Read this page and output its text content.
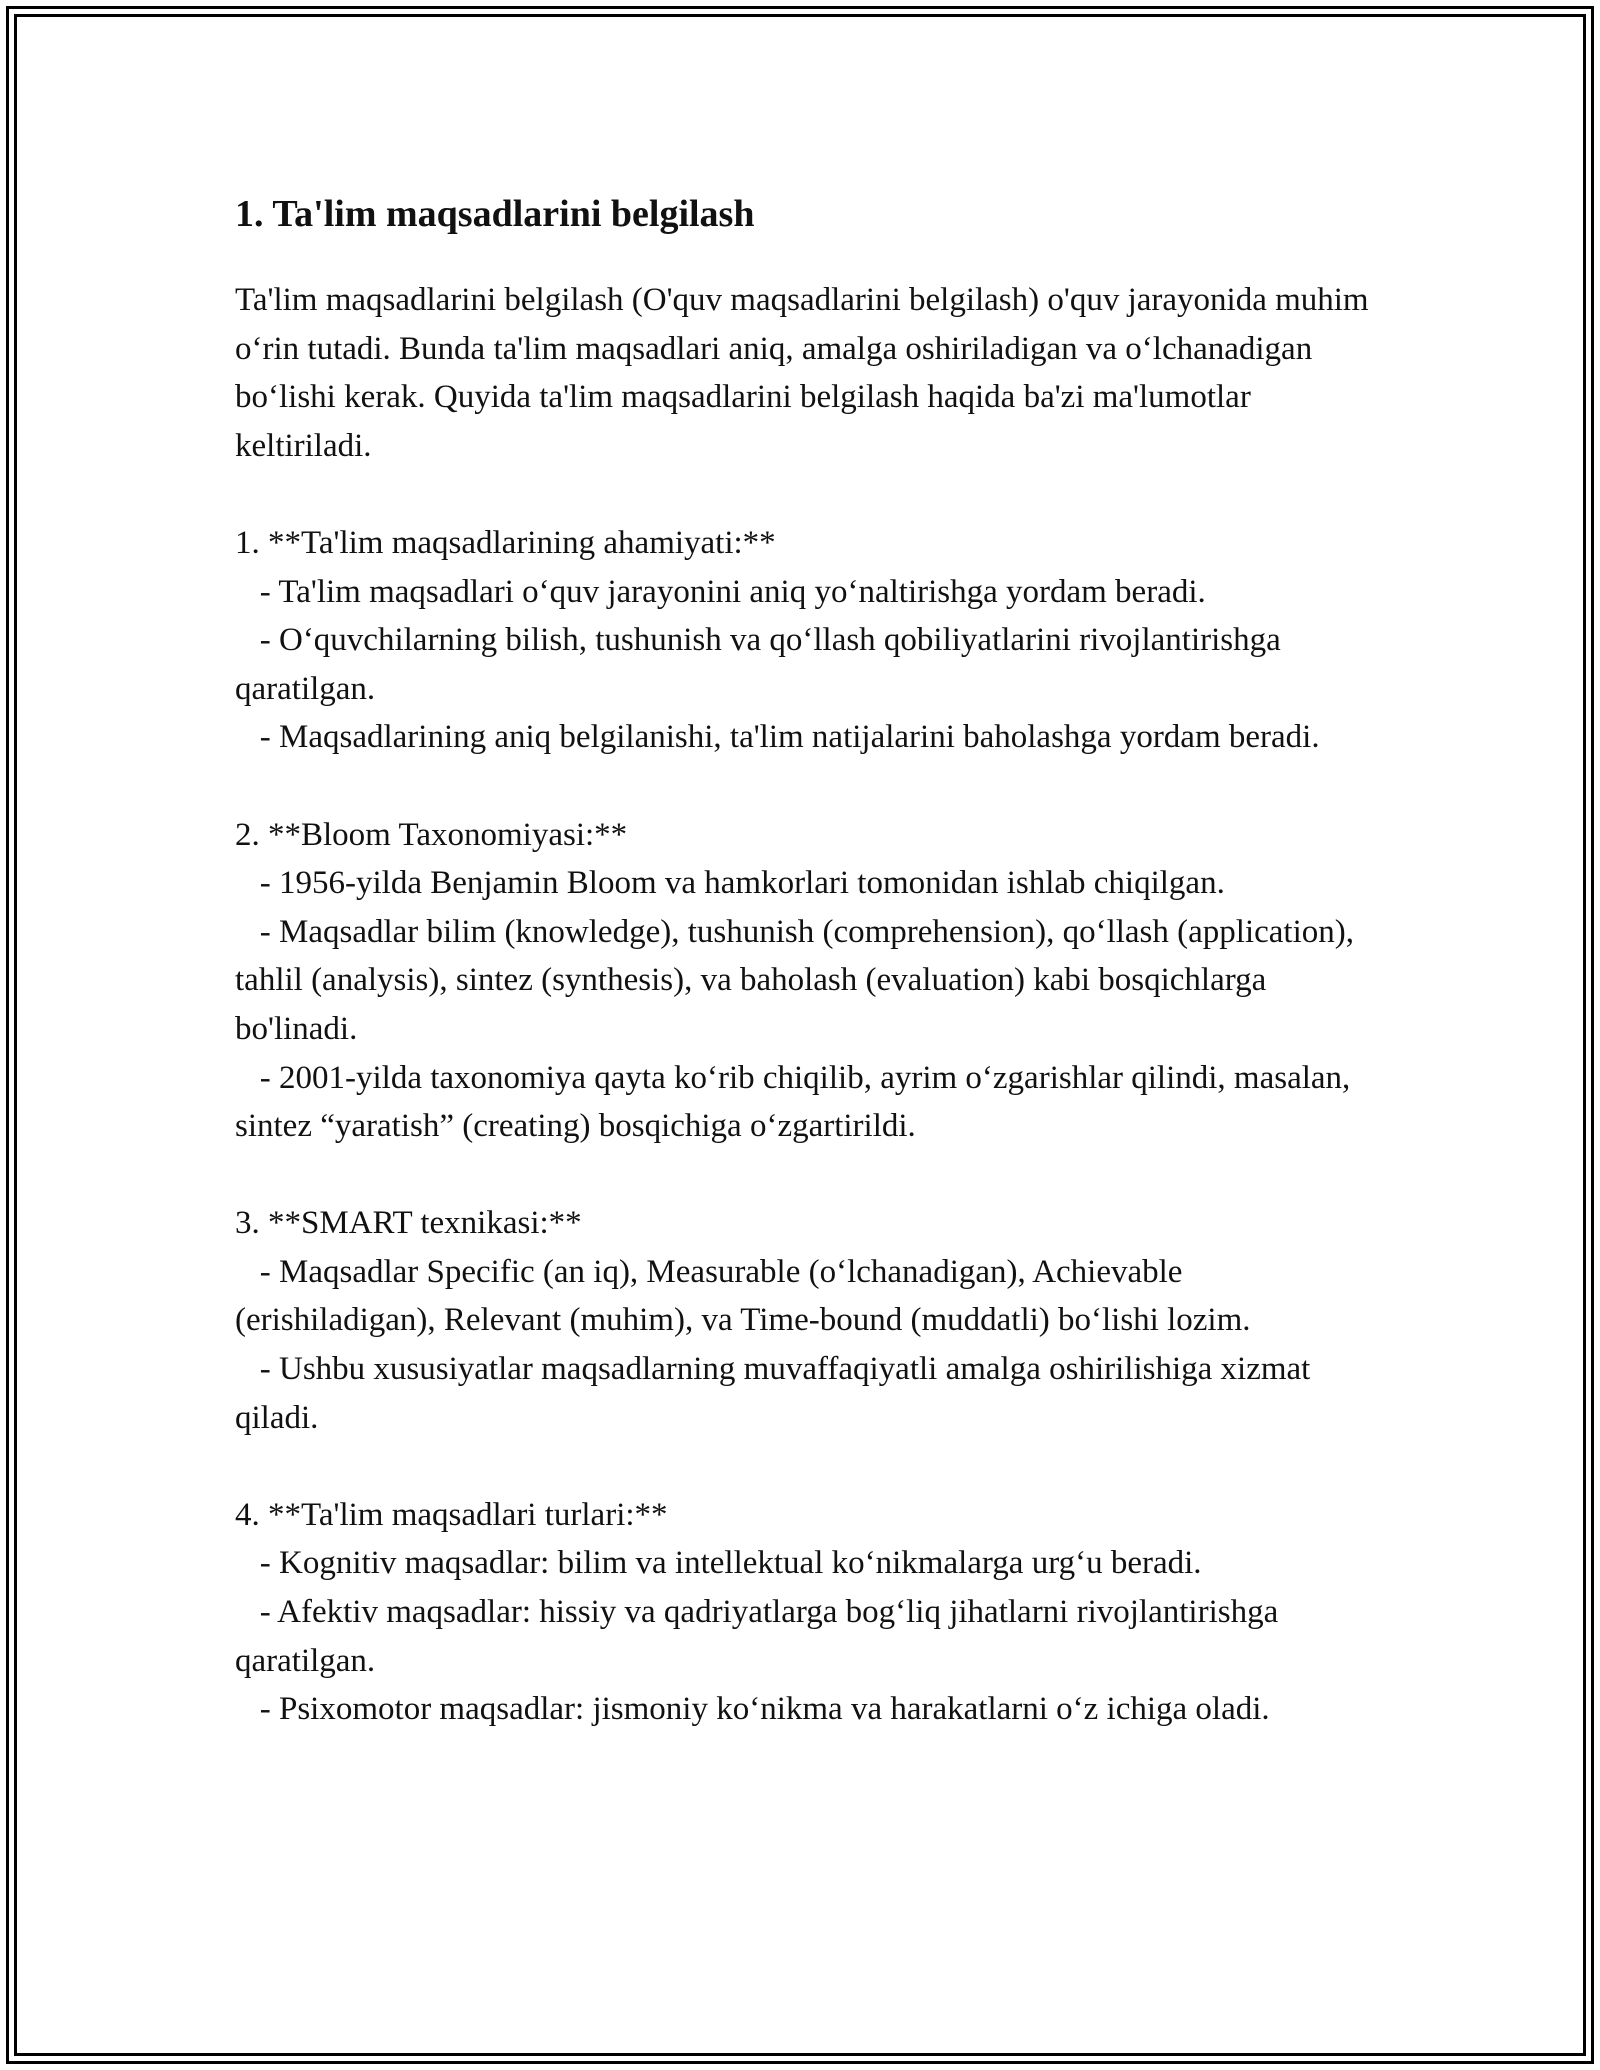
1. Ta'lim maqsadlarini belgilash

Ta'lim maqsadlarini belgilash (O'quv maqsadlarini belgilash) o'quv jarayonida muhim o‘rin tutadi. Bunda ta'lim maqsadlari aniq, amalga oshiriladigan va o‘lchanadigan bo‘lishi kerak. Quyida ta'lim maqsadlarini belgilash haqida ba'zi ma'lumotlar keltiriladi.

1. **Ta'lim maqsadlarining ahamiyati:**

- Ta'lim maqsadlari o‘quv jarayonini aniq yo‘naltirishga yordam beradi.

- O‘quvchilarning bilish, tushunish va qo‘llash qobiliyatlarini rivojlantirishga qaratilgan.

- Maqsadlarining aniq belgilanishi, ta'lim natijalarini baholashga yordam beradi.

2. **Bloom Taxonomiyasi:**

- 1956-yilda Benjamin Bloom va hamkorlari tomonidan ishlab chiqilgan.

- Maqsadlar bilim (knowledge), tushunish (comprehension), qo‘llash (application), tahlil (analysis), sintez (synthesis), va baholash (evaluation) kabi bosqichlarga bo'linadi.

- 2001-yilda taxonomiya qayta ko‘rib chiqilib, ayrim o‘zgarishlar qilindi, masalan, sintez “yaratish” (creating) bosqichiga o‘zgartirildi.

3. **SMART texnikasi:**

- Maqsadlar Specific (an iq), Measurable (o‘lchanadigan), Achievable (erishiladigan), Relevant (muhim), va Time-bound (muddatli) bo‘lishi lozim.

- Ushbu xususiyatlar maqsadlarning muvaffaqiyatli amalga oshirilishiga xizmat qiladi.

4. **Ta'lim maqsadlari turlari:**

- Kognitiv maqsadlar: bilim va intellektual ko‘nikmalarga urg‘u beradi.

- Afektiv maqsadlar: hissiy va qadriyatlarga bog‘liq jihatlarni rivojlantirishga qaratilgan.

- Psixomotor maqsadlar: jismoniy ko‘nikma va harakatlarni o‘z ichiga oladi.
